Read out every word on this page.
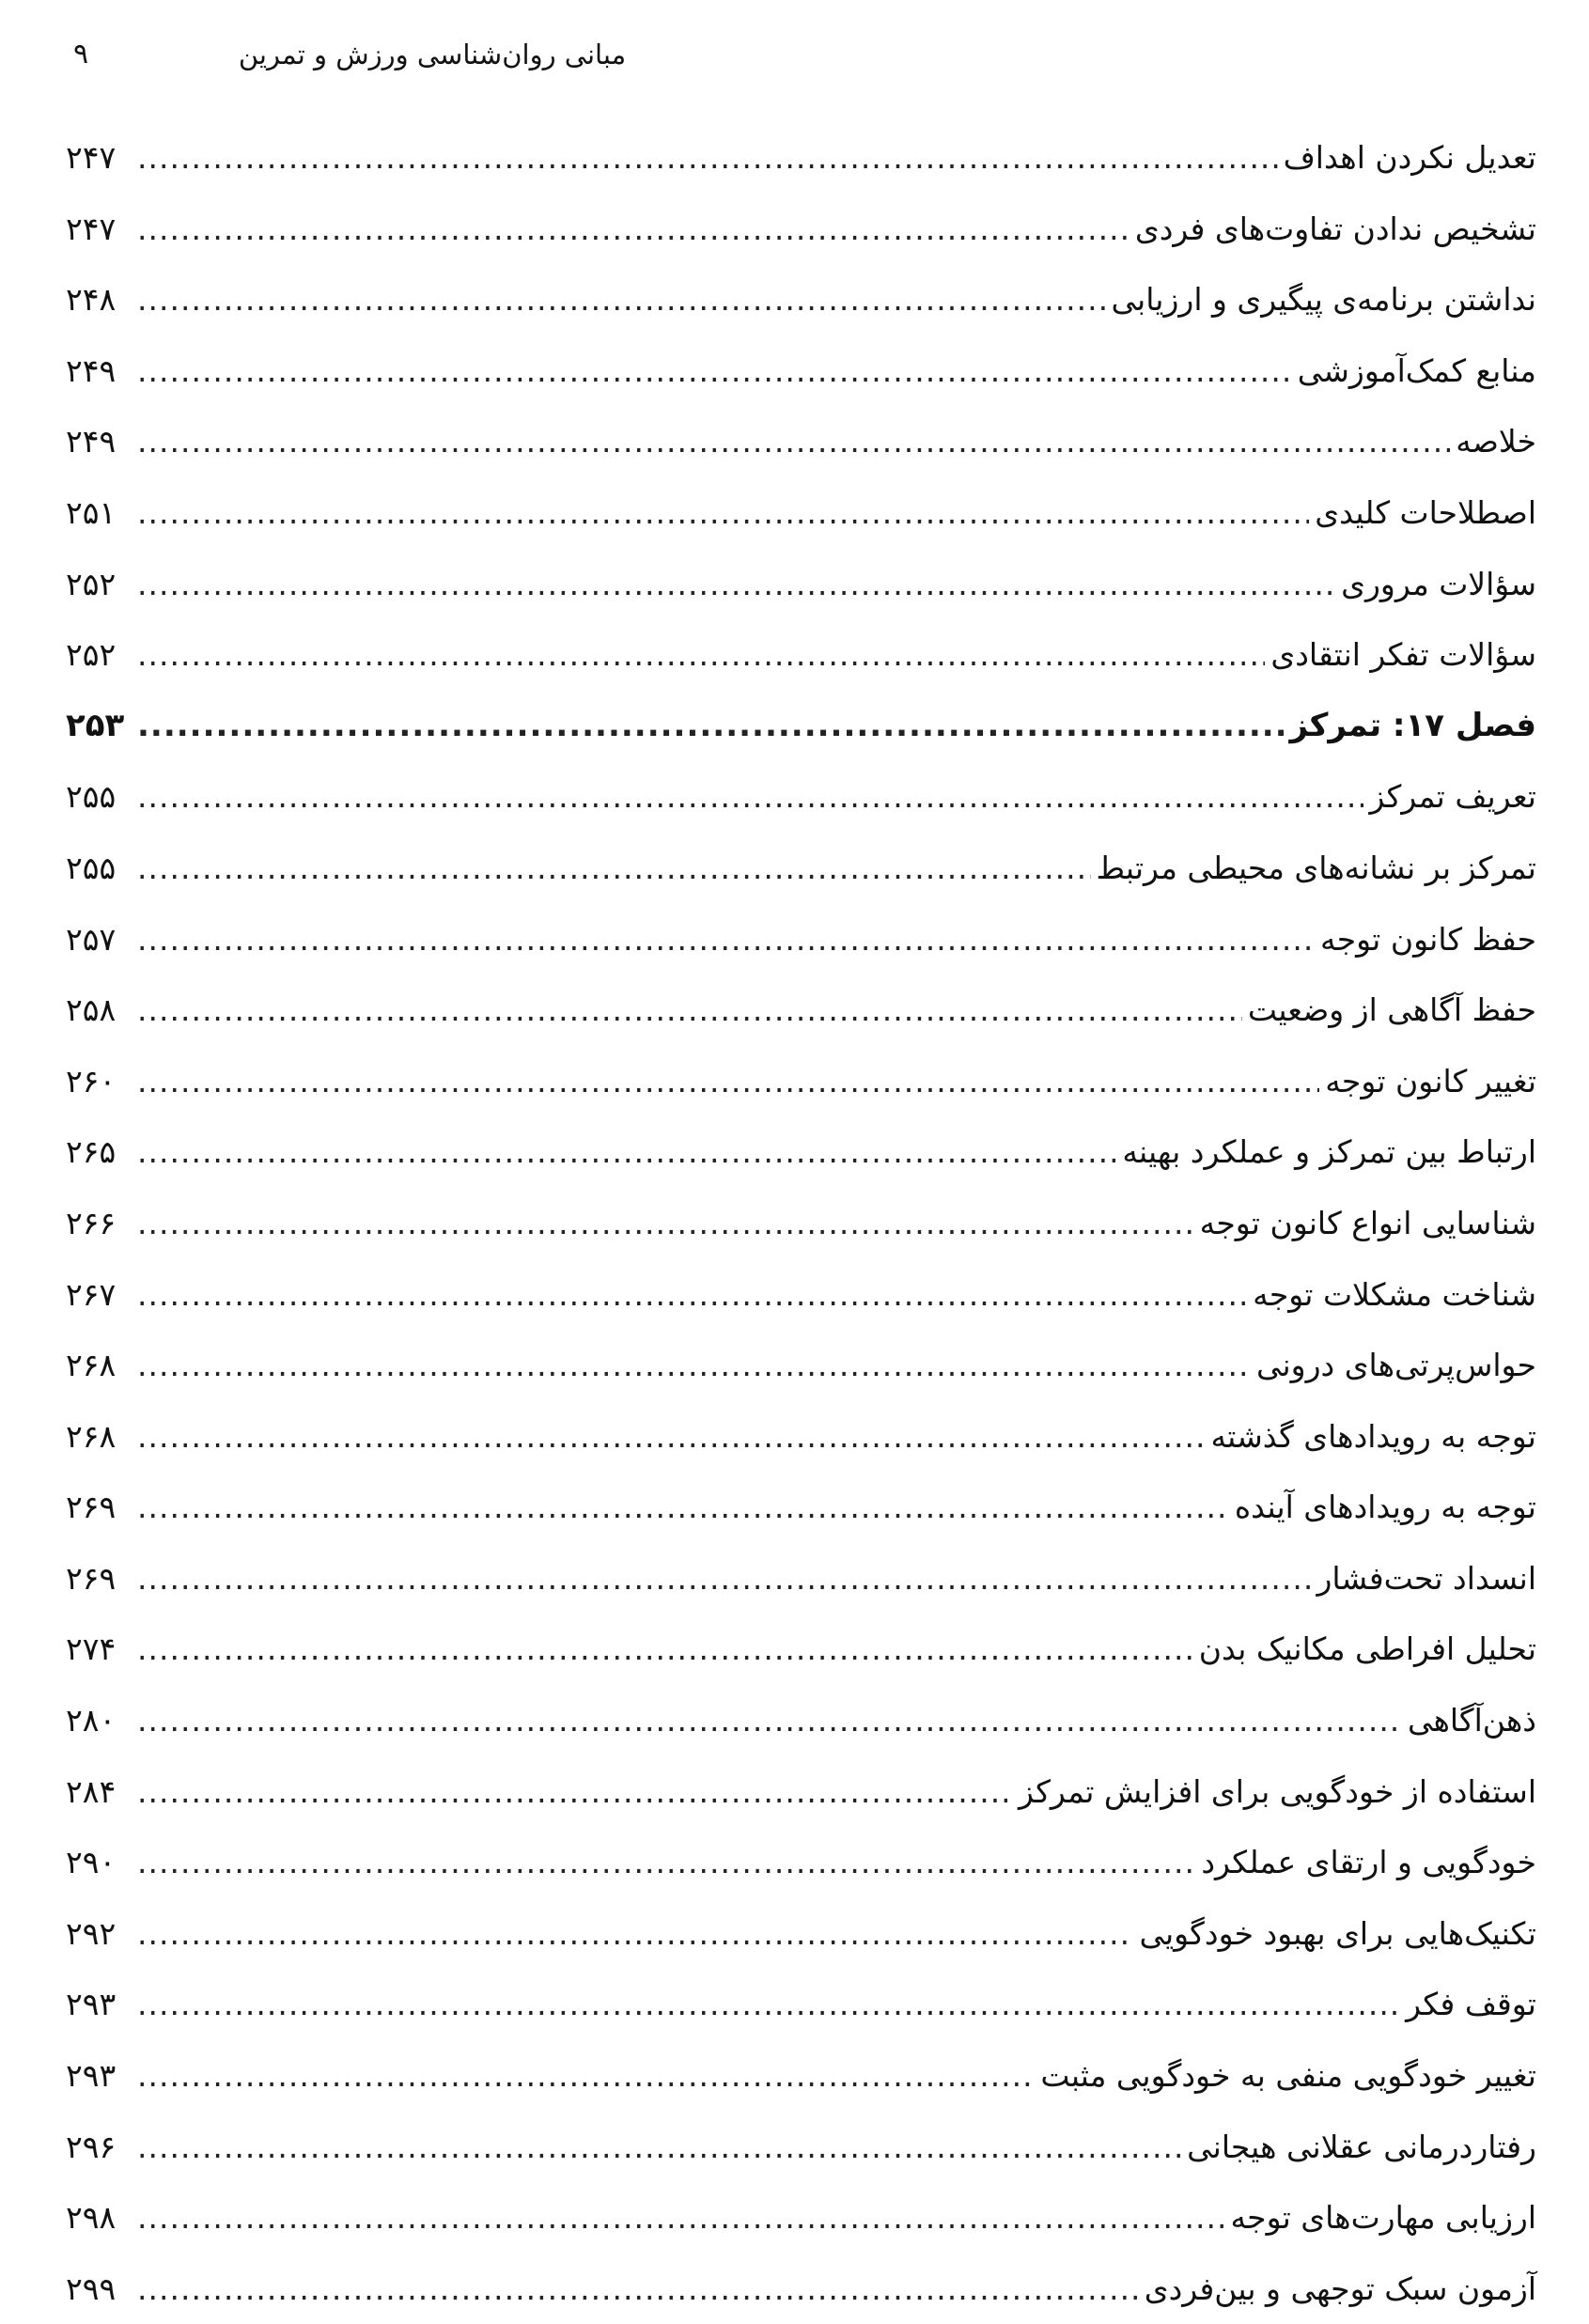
۹	مبانی روان‌شناسی ورزش و تمرین
تعدیل نکردن اهداف
.....
۲۴۷
تشخیص ندادن تفاوت‌های فردی
.....
۲۴۷
نداشتن برنامه‌ی پیگیری و ارزیابی
.....
۲۴۸
منابع کمک‌آموزشی
.....
۲۴۹
خلاصه
.....
۲۴۹
اصطلاحات کلیدی
.....
۲۵۱
سؤالات مروری
.....
۲۵۲
سؤالات تفکر انتقادی
.....
۲۵۲
فصل ۱۷: تمرکز
.....
۲۵۳
تعریف تمرکز
.....
۲۵۵
تمرکز بر نشانه‌های محیطی مرتبط
.....
۲۵۵
حفظ کانون توجه
.....
۲۵۷
حفظ آگاهی از وضعیت
.....
۲۵۸
تغییر کانون توجه
.....
۲۶۰
ارتباط بین تمرکز و عملکرد بهینه
.....
۲۶۵
شناسایی انواع کانون توجه
.....
۲۶۶
شناخت مشکلات توجه
.....
۲۶۷
حواس‌پرتی‌های درونی
.....
۲۶۸
توجه به رویدادهای گذشته
.....
۲۶۸
توجه به رویدادهای آینده
.....
۲۶۹
انسداد تحت‌فشار
.....
۲۶۹
تحلیل افراطی مکانیک بدن
.....
۲۷۴
ذهن‌آگاهی
.....
۲۸۰
استفاده از خودگویی برای افزایش تمرکز
.....
۲۸۴
خودگویی و ارتقای عملکرد
.....
۲۹۰
تکنیک‌هایی برای بهبود خودگویی
.....
۲۹۲
توقف فکر
.....
۲۹۳
تغییر خودگویی منفی به خودگویی مثبت
.....
۲۹۳
رفتاردرمانی عقلانی هیجانی
.....
۲۹۶
ارزیابی مهارت‌های توجه
.....
۲۹۸
آزمون سبک توجهی و بین‌فردی
.....
۲۹۹
